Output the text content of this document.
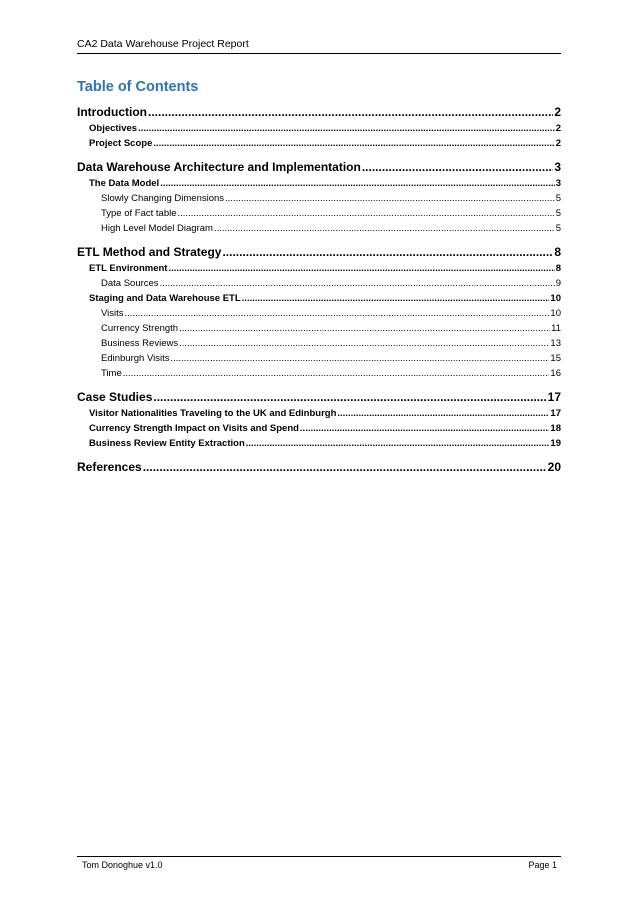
CA2 Data Warehouse Project Report
Table of Contents
Introduction .....	2
Objectives .....	2
Project Scope .....	2
Data Warehouse Architecture and Implementation .....	3
The Data Model .....	3
Slowly Changing Dimensions .....	5
Type of Fact table .....	5
High Level Model Diagram .....	5
ETL Method and Strategy .....	8
ETL Environment .....	8
Data Sources .....	9
Staging and Data Warehouse ETL .....	10
Visits .....	10
Currency Strength .....	11
Business Reviews .....	13
Edinburgh Visits .....	15
Time .....	16
Case Studies .....	17
Visitor Nationalities Traveling to the UK and Edinburgh .....	17
Currency Strength Impact on Visits and Spend .....	18
Business Review Entity Extraction .....	19
References .....	20
Tom Donoghue v1.0	Page 1
